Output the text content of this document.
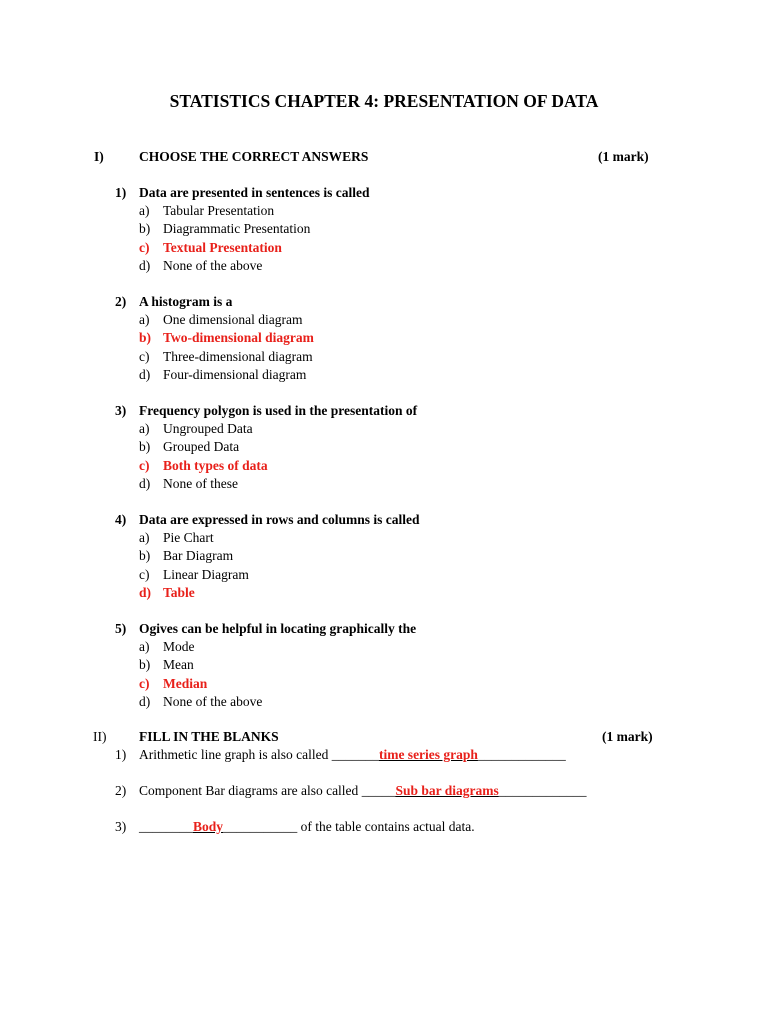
STATISTICS CHAPTER 4: PRESENTATION OF DATA
I)	CHOOSE THE CORRECT ANSWERS	(1 mark)
1) Data are presented in sentences is called
a) Tabular Presentation
b) Diagrammatic Presentation
c) Textual Presentation
d) None of the above
2) A histogram is a
a) One dimensional diagram
b) Two-dimensional diagram
c) Three-dimensional diagram
d) Four-dimensional diagram
3) Frequency polygon is used in the presentation of
a) Ungrouped Data
b) Grouped Data
c) Both types of data
d) None of these
4) Data are expressed in rows and columns is called
a) Pie Chart
b) Bar Diagram
c) Linear Diagram
d) Table
5) Ogives can be helpful in locating graphically the
a) Mode
b) Mean
c) Median
d) None of the above
II) FILL IN THE BLANKS	(1 mark)
1) Arithmetic line graph is also called _______time series graph_____________
2) Component Bar diagrams are also called _____Sub bar diagrams_____________
3) ________Body___________ of the table contains actual data.
